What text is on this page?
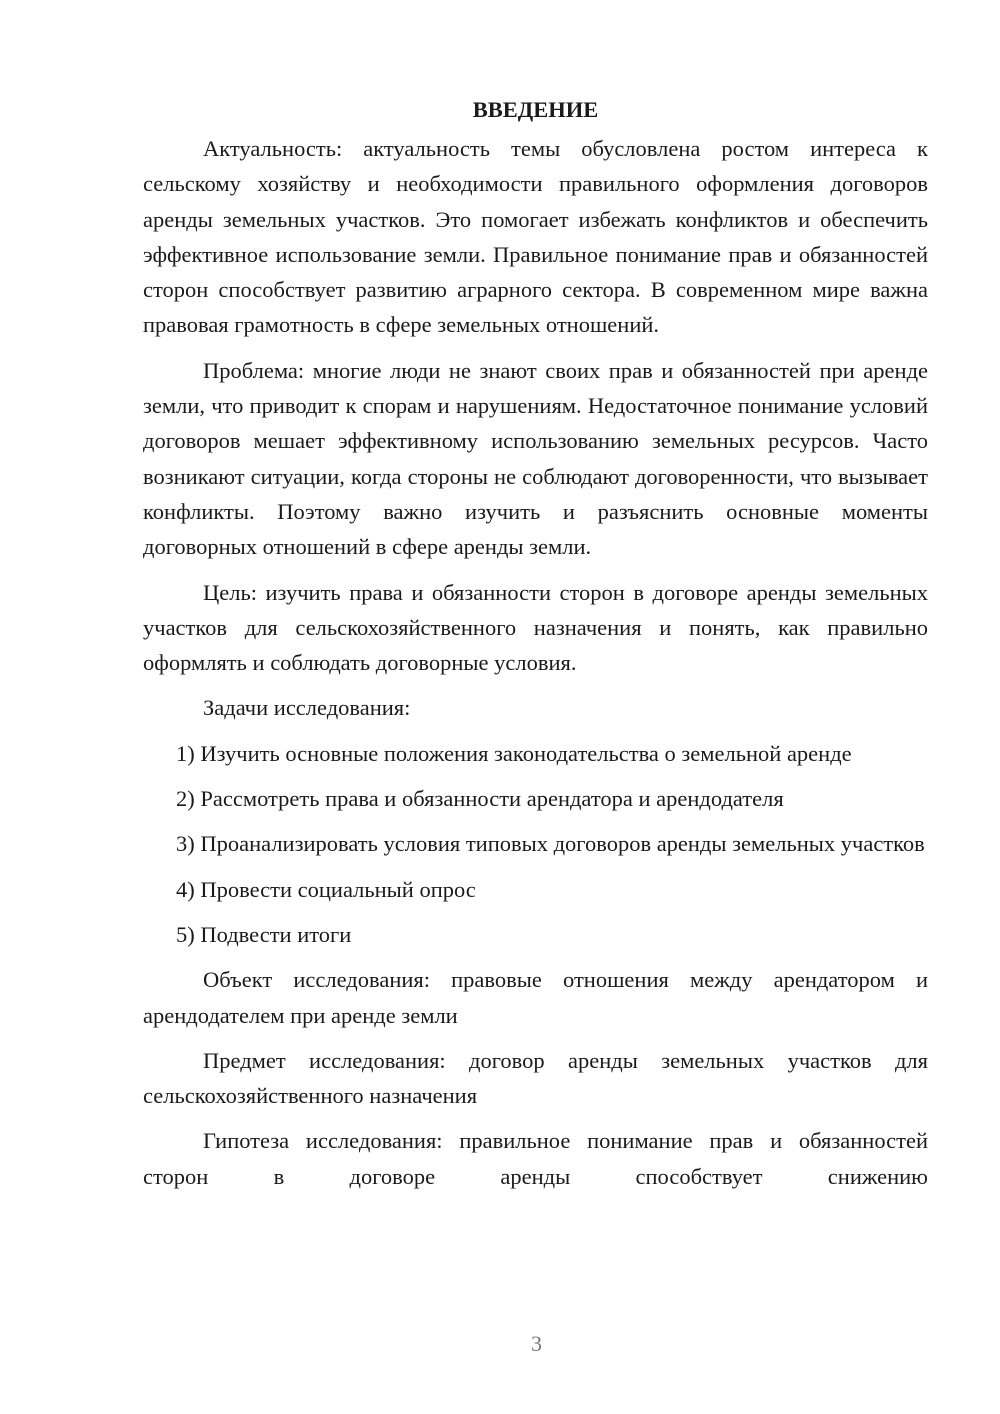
ВВЕДЕНИЕ

Актуальность: актуальность темы обусловлена ростом интереса к сельскому хозяйству и необходимости правильного оформления договоров аренды земельных участков. Это помогает избежать конфликтов и обеспечить эффективное использование земли. Правильное понимание прав и обязанностей сторон способствует развитию аграрного сектора. В современном мире важна правовая грамотность в сфере земельных отношений.

Проблема: многие люди не знают своих прав и обязанностей при аренде земли, что приводит к спорам и нарушениям. Недостаточное понимание условий договоров мешает эффективному использованию земельных ресурсов. Часто возникают ситуации, когда стороны не соблюдают договоренности, что вызывает конфликты. Поэтому важно изучить и разъяснить основные моменты договорных отношений в сфере аренды земли.

Цель: изучить права и обязанности сторон в договоре аренды земельных участков для сельскохозяйственного назначения и понять, как правильно оформлять и соблюдать договорные условия.

Задачи исследования:

1) Изучить основные положения законодательства о земельной аренде

2) Рассмотреть права и обязанности арендатора и арендодателя

3) Проанализировать условия типовых договоров аренды земельных участков

4) Провести социальный опрос

5) Подвести итоги

Объект исследования: правовые отношения между арендатором и арендодателем при аренде земли

Предмет исследования: договор аренды земельных участков для сельскохозяйственного назначения

Гипотеза исследования: правильное понимание прав и обязанностей сторон в договоре аренды способствует снижению

3
